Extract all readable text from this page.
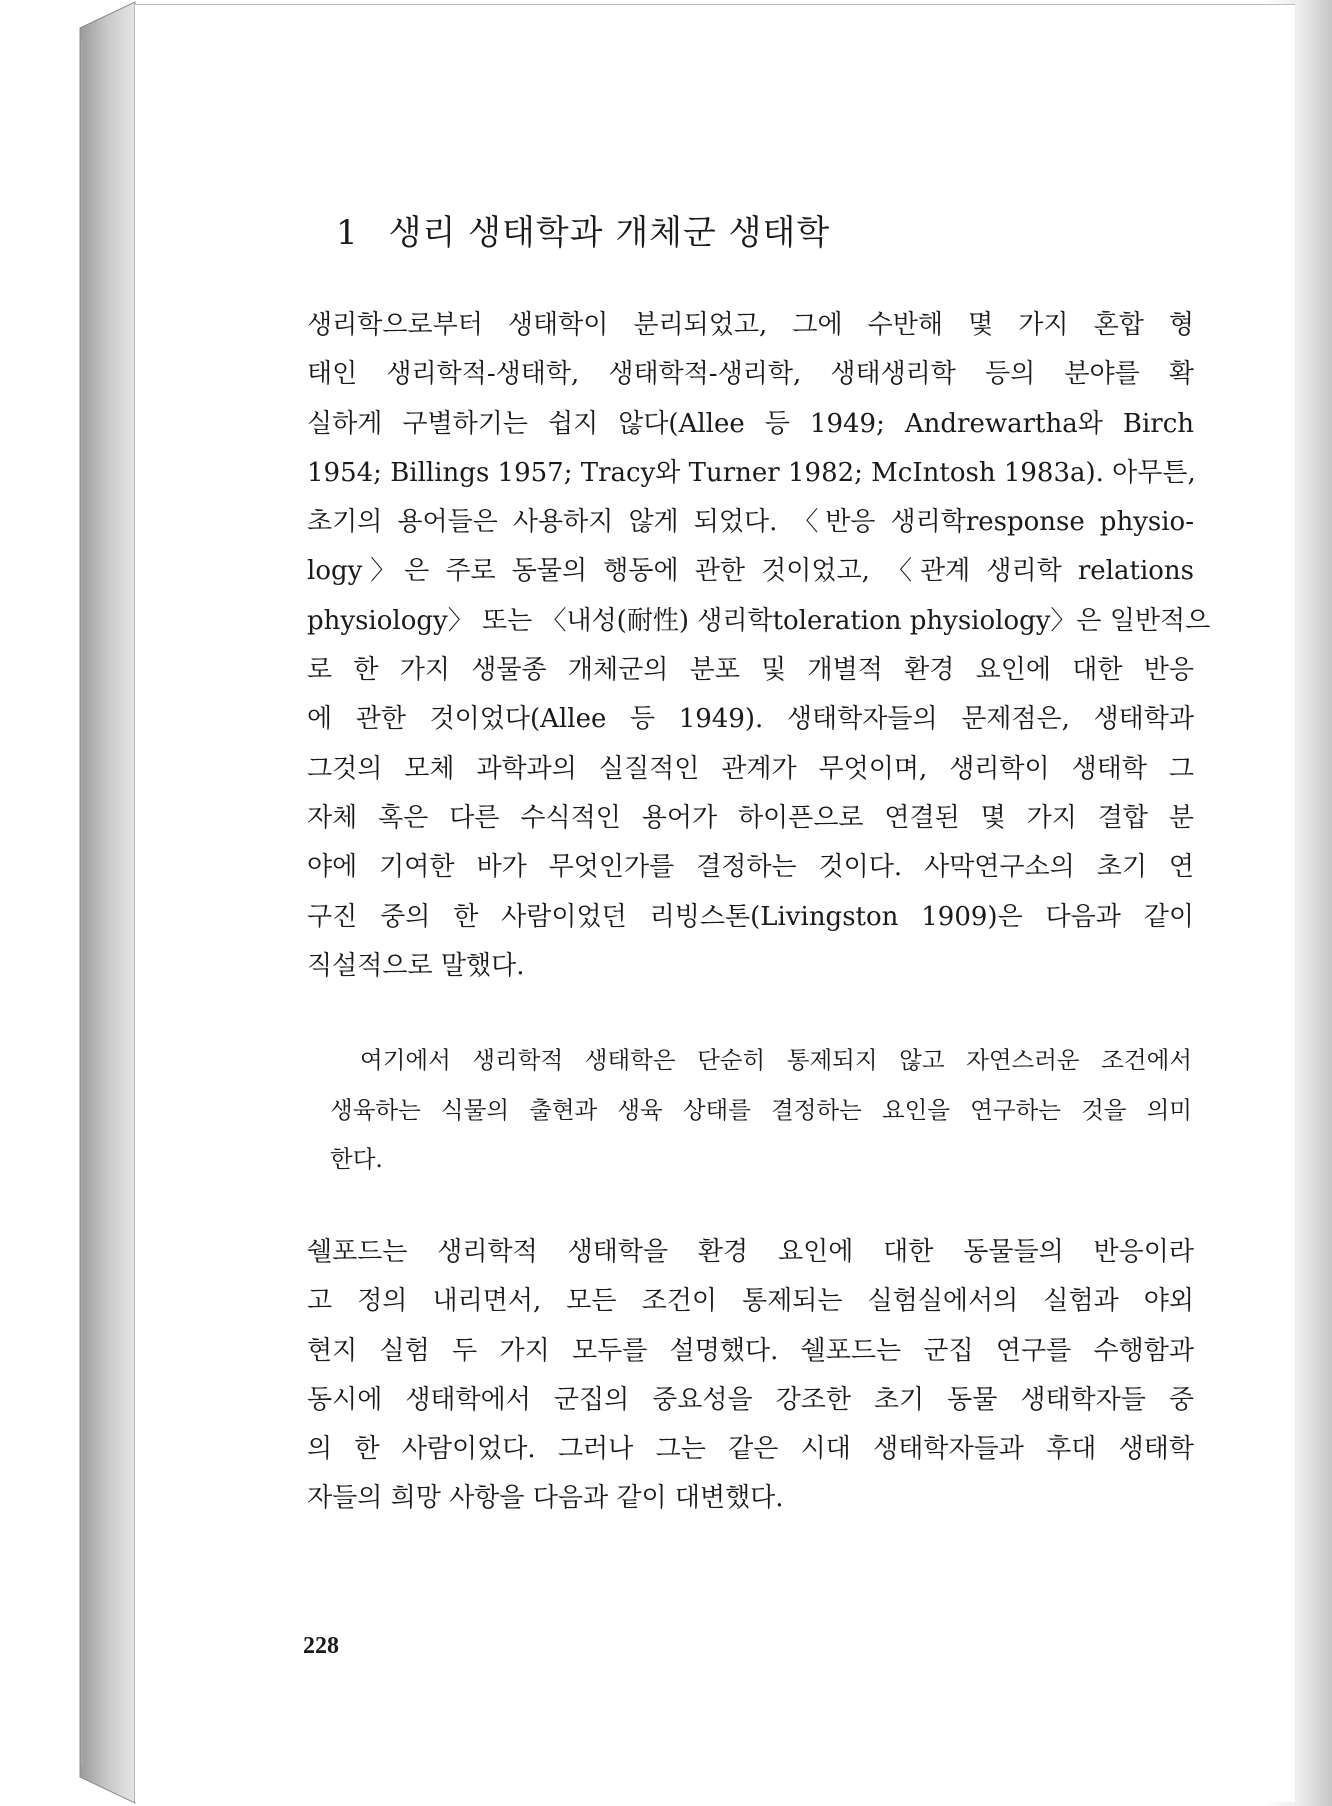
1 생리 생태학과 개체군 생태학
생리학으로부터 생태학이 분리되었고, 그에 수반해 몇 가지 혼합 형
태인 생리학적-생태학, 생태학적-생리학, 생태생리학 등의 분야를 확
실하게 구별하기는 쉽지 않다(Allee 등 1949; Andrewartha와 Birch
1954; Billings 1957; Tracy와 Turner 1982; McIntosh 1983a). 아무튼,
초기의 용어들은 사용하지 않게 되었다. 〈반응 생리학response physio-
logy〉은 주로 동물의 행동에 관한 것이었고, 〈관계 생리학 relations
physiology〉 또는 〈내성(耐性) 생리학toleration physiology〉은 일반적으
로 한 가지 생물종 개체군의 분포 및 개별적 환경 요인에 대한 반응
에 관한 것이었다(Allee 등 1949). 생태학자들의 문제점은, 생태학과
그것의 모체 과학과의 실질적인 관계가 무엇이며, 생리학이 생태학 그
자체 혹은 다른 수식적인 용어가 하이픈으로 연결된 몇 가지 결합 분
야에 기여한 바가 무엇인가를 결정하는 것이다. 사막연구소의 초기 연
구진 중의 한 사람이었던 리빙스톤(Livingston 1909)은 다음과 같이
직설적으로 말했다.
여기에서 생리학적 생태학은 단순히 통제되지 않고 자연스러운 조건에서
생육하는 식물의 출현과 생육 상태를 결정하는 요인을 연구하는 것을 의미
한다.
쉘포드는 생리학적 생태학을 환경 요인에 대한 동물들의 반응이라
고 정의 내리면서, 모든 조건이 통제되는 실험실에서의 실험과 야외
현지 실험 두 가지 모두를 설명했다. 쉘포드는 군집 연구를 수행함과
동시에 생태학에서 군집의 중요성을 강조한 초기 동물 생태학자들 중
의 한 사람이었다. 그러나 그는 같은 시대 생태학자들과 후대 생태학
자들의 희망 사항을 다음과 같이 대변했다.
228
